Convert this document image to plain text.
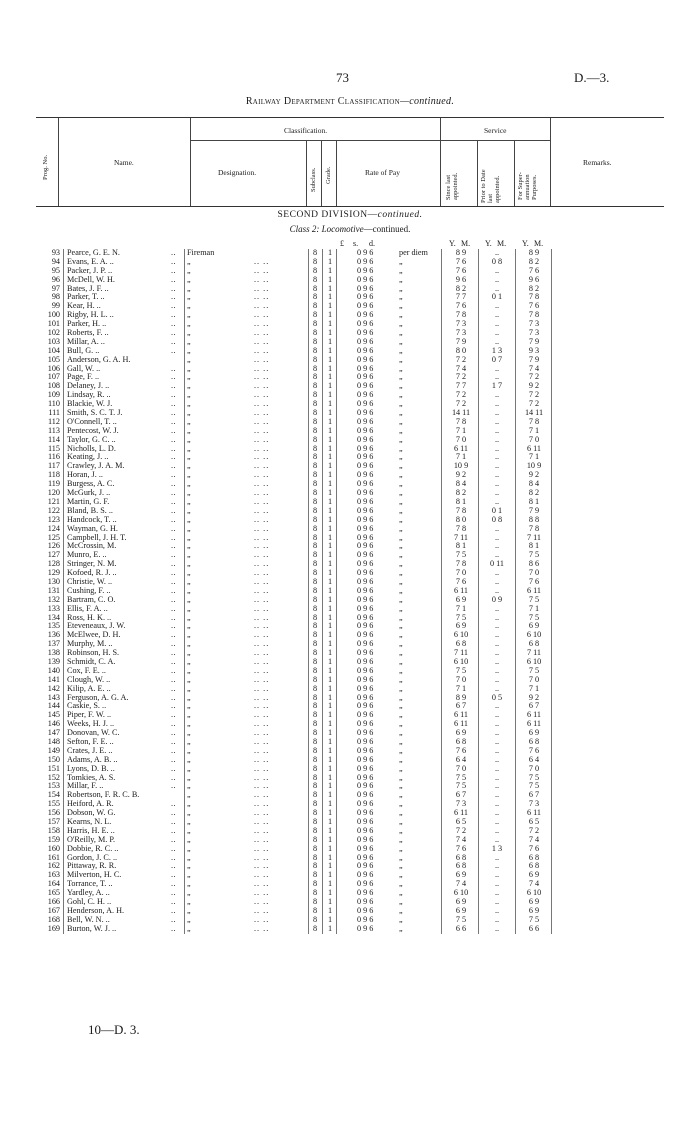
73	D.—3.
Railway Department Classification—continued.
Prog. No.	Name.
Classification.
Designation.	Subclass. Grade.	Rate of Pay
Service
Since last
appointed.	Prior to Date
last
appointed. For Super-
annuation
Purposes.
Remarks.
SECOND DIVISION—continued.
Class 2: Locomotive—continued.
£ s. d.	Y. M. Y. M. Y. M.
93 Pearce, G. E. N.	.. Fireman	8 1	0 9 6	per diem	8 9	..	8 9
94 Evans, E. A. ..	.. „	.. ..	8 1	0 9 6	„	7 6	0 8	8 2
95 Packer, J. P. ..	.. „	.. ..	8 1	0 9 6	„	7 6	..	7 6
96 McDell, W. H.	.. „	.. ..	8 1	0 9 6	„	9 6	..	9 6
97 Bates, J. F. ..	.. „	.. ..	8 1	0 9 6	„	8 2	..	8 2
98 Parker, T. ..	.. „	.. ..	8 1	0 9 6	„	7 7	0 1	7 8
99 Kear, H. ..	.. „	.. ..	8 1	0 9 6	„	7 6	..	7 6
100 Rigby, H. L. ..	.. „	.. ..	8 1	0 9 6	„	7 8	..	7 8
101 Parker, H. ..	.. „	.. ..	8 1	0 9 6	„	7 3	..	7 3
102 Roberts, F. ..	.. „	.. ..	8 1	0 9 6	„	7 3	..	7 3
103 Millar, A. ..	.. „	.. ..	8 1	0 9 6	„	7 9	..	7 9
104 Bull, G. ..	.. „	.. ..	8 1	0 9 6	„	8 0	1 3	9 3
105 Anderson, G. A. H.	„	.. ..	8 1	0 9 6	„	7 2	0 7	7 9
106 Gall, W. ..	.. „	.. ..	8 1	0 9 6	„	7 4	..	7 4
107 Page, F. ..	.. „	.. ..	8 1	0 9 6	„	7 2	..	7 2
108 Delaney, J. ..	.. „	.. ..	8 1	0 9 6	„	7 7	1 7	9 2
109 Lindsay, R. ..	.. „	.. ..	8 1	0 9 6	„	7 2	..	7 2
110 Blackie, W. J.	.. „	.. ..	8 1	0 9 6	„	7 2	..	7 2
111 Smith, S. C. T. J.	.. „	.. ..	8 1	0 9 6	„	14 11	..	14 11
112 O'Connell, T. ..	.. „	.. ..	8 1	0 9 6	„	7 8	..	7 8
113 Pentecost, W. J.	.. „	.. ..	8 1	0 9 6	„	7 1	..	7 1
114 Taylor, G. C. ..	.. „	.. ..	8 1	0 9 6	„	7 0	..	7 0
115 Nicholls, L. D.	.. „	.. ..	8 1	0 9 6	„	6 11	..	6 11
116 Keating, J. ..	.. „	.. ..	8 1	0 9 6	„	7 1	..	7 1
117 Crawley, J. A. M.	.. „	.. ..	8 1	0 9 6	„	10 9	..	10 9
118 Horan, J. ..	.. „	.. ..	8 1	0 9 6	„	9 2	..	9 2
119 Burgess, A. C.	.. „	.. ..	8 1	0 9 6	„	8 4	..	8 4
120 McGurk, J. ..	.. „	.. ..	8 1	0 9 6	„	8 2	..	8 2
121 Martin, G. F.	.. „	.. ..	8 1	0 9 6	„	8 1	..	8 1
122 Bland, B. S. ..	.. „	.. ..	8 1	0 9 6	„	7 8	0 1	7 9
123 Handcock, T. ..	.. „	.. ..	8 1	0 9 6	„	8 0	0 8	8 8
124 Wayman, G. H.	.. „	.. ..	8 1	0 9 6	„	7 8	..	7 8
125 Campbell, J. H. T.	.. „	.. ..	8 1	0 9 6	„	7 11	..	7 11
126 McCrossin, M.	.. „	.. ..	8 1	0 9 6	„	8 1	..	8 1
127 Munro, E. ..	.. „	.. ..	8 1	0 9 6	„	7 5	..	7 5
128 Stringer, N. M.	.. „	.. ..	8 1	0 9 6	„	7 8	0 11	8 6
129 Kofoed, R. J. ..	.. „	.. ..	8 1	0 9 6	„	7 0	..	7 0
130 Christie, W. ..	.. „	.. ..	8 1	0 9 6	„	7 6	..	7 6
131 Cushing, F. ..	.. „	.. ..	8 1	0 9 6	„	6 11	..	6 11
132 Bartram, C. O.	.. „	.. ..	8 1	0 9 6	„	6 9	0 9	7 5
133 Ellis, F. A. ..	.. „	.. ..	8 1	0 9 6	„	7 1	..	7 1
134 Ross, H. K. ..	.. „	.. ..	8 1	0 9 6	„	7 5	..	7 5
135 Eteveneaux, J. W.	.. „	.. ..	8 1	0 9 6	„	6 9	..	6 9
136 McElwee, D. H.	.. „	.. ..	8 1	0 9 6	„	6 10	..	6 10
137 Murphy, M. ..	.. „	.. ..	8 1	0 9 6	„	6 8	..	6 8
138 Robinson, H. S.	.. „	.. ..	8 1	0 9 6	„	7 11	..	7 11
139 Schmidt, C. A.	.. „	.. ..	8 1	0 9 6	„	6 10	..	6 10
140 Cox, F. E. ..	.. „	.. ..	8 1	0 9 6	„	7 5	..	7 5
141 Clough, W. ..	.. „	.. ..	8 1	0 9 6	„	7 0	..	7 0
142 Kilip, A. E. ..	.. „	.. ..	8 1	0 9 6	„	7 1	..	7 1
143 Ferguson, A. G. A.	.. „	.. ..	8 1	0 9 6	„	8 9	0 5	9 2
144 Caskie, S. ..	.. „	.. ..	8 1	0 9 6	„	6 7	..	6 7
145 Piper, F. W. ..	.. „	.. ..	8 1	0 9 6	„	6 11	..	6 11
146 Weeks, H. J. ..	.. „	.. ..	8 1	0 9 6	„	6 11	..	6 11
147 Donovan, W. C.	.. „	.. ..	8 1	0 9 6	„	6 9	..	6 9
148 Sefton, F. E. ..	.. „	.. ..	8 1	0 9 6	„	6 8	..	6 8
149 Crates, J. E. ..	.. „	.. ..	8 1	0 9 6	„	7 6	..	7 6
150 Adams, A. B. ..	.. „	.. ..	8 1	0 9 6	„	6 4	..	6 4
151 Lyons, D. B. ..	.. „	.. ..	8 1	0 9 6	„	7 0	..	7 0
152 Tomkies, A. S.	.. „	.. ..	8 1	0 9 6	„	7 5	..	7 5
153 Millar, F. ..	.. „	.. ..	8 1	0 9 6	„	7 5	..	7 5
154 Robertson, F. R. C. B.	„	.. ..	8 1	0 9 6	„	6 7	..	6 7
155 Heiford, A. R.	.. „	.. ..	8 1	0 9 6	„	7 3	..	7 3
156 Dobson, W. G.	.. „	.. ..	8 1	0 9 6	„	6 11	..	6 11
157 Kearns, N. L.	.. „	.. ..	8 1	0 9 6	„	6 5	..	6 5
158 Harris, H. E. ..	.. „	.. ..	8 1	0 9 6	„	7 2	..	7 2
159 O'Reilly, M. P.	.. „	.. ..	8 1	0 9 6	„	7 4	..	7 4
160 Dobbie, R. C. ..	.. „	.. ..	8 1	0 9 6	„	7 6	1 3	7 6
161 Gordon, J. C. ..	.. „	.. ..	8 1	0 9 6	„	6 8	..	6 8
162 Pittaway, R. R.	.. „	.. ..	8 1	0 9 6	„	6 8	..	6 8
163 Milverton, H. C.	.. „	.. ..	8 1	0 9 6	„	6 9	..	6 9
164 Torrance, T. ..	.. „	.. ..	8 1	0 9 6	„	7 4	..	7 4
165 Yardley, A. ..	.. „	.. ..	8 1	0 9 6	„	6 10	..	6 10
166 Gohl, C. H. ..	.. „	.. ..	8 1	0 9 6	„	6 9	..	6 9
167 Henderson, A. H.	.. „	.. ..	8 1	0 9 6	„	6 9	..	6 9
168 Bell, W. N. ..	.. „	.. ..	8 1	0 9 6	„	7 5	..	7 5
169 Burton, W. J. ..	.. „	.. ..	8 1	0 9 6	„	6 6	..	6 6
10—D. 3.
